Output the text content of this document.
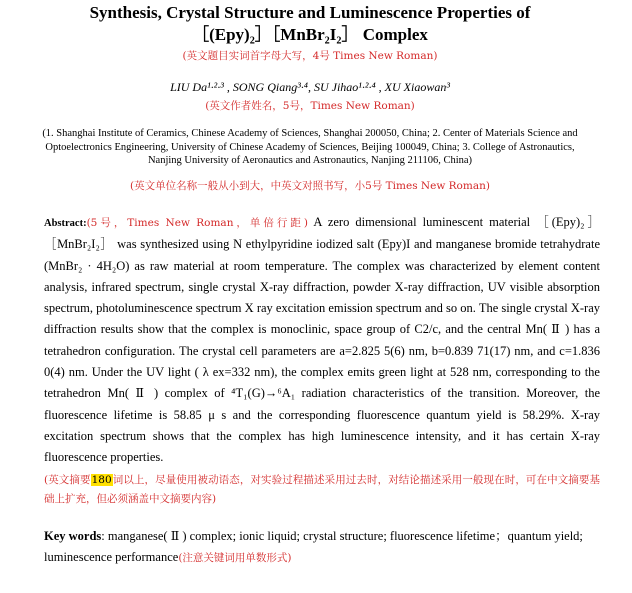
Synthesis, Crystal Structure and Luminescence Properties of
［(Epy)₂］［MnBr₂I₂］ Complex
(英文题目实词首字母大写，4号 Times New Roman)
LIU Da¹·²·³ , SONG Qiang³·⁴, SU Jihao¹·²·⁴ , XU Xiaowan³
(英文作者姓名，5号，Times New Roman)
(1. Shanghai Institute of Ceramics, Chinese Academy of Sciences, Shanghai 200050, China; 2. Center of Materials Science and Optoelectronics Engineering, University of Chinese Academy of Sciences, Beijing 100049, China; 3. College of Astronautics, Nanjing University of Aeronautics and Astronautics, Nanjing 211106, China)
(英文单位名称一般从小到大，中英文对照书写，小5号 Times New Roman)

Abstract:(5号，Times New Roman，单倍行距) A zero dimensional luminescent material ［(Epy)₂］［MnBr₂I₂］ was synthesized using N ethylpyridine iodized salt (Epy)I and manganese bromide tetrahydrate (MnBr₂ · 4H₂O) as raw material at room temperature. The complex was characterized by element content analysis, infrared spectrum, single crystal X-ray diffraction, powder X-ray diffraction, UV visible absorption spectrum, photoluminescence spectrum X ray excitation emission spectrum and so on. The single crystal X-ray diffraction results show that the complex is monoclinic, space group of C2/c, and the central Mn( Ⅱ ) has a tetrahedron configuration. The crystal cell parameters are a=2.825 5(6) nm, b=0.839 71(17) nm, and c=1.836 0(4) nm. Under the UV light ( λ ex=332 nm), the complex emits green light at 528 nm, corresponding to the tetrahedron Mn( Ⅱ ) complex of ⁴T₁(G)→⁶A₁ radiation characteristics of the transition. Moreover, the fluorescence lifetime is 58.85 μ s and the corresponding fluorescence quantum yield is 58.29%. X-ray excitation spectrum shows that the complex has high luminescence intensity, and it has certain X-ray fluorescence properties.

(英文摘要180词以上，尽量使用被动语态，对实验过程描述采用过去时，对结论描述采用一般现在时，可在中文摘要基础上扩充，但必须涵盖中文摘要内容)

Key words: manganese( Ⅱ ) complex; ionic liquid; crystal structure; fluorescence lifetime；quantum yield; luminescence performance(注意关键词用单数形式)
